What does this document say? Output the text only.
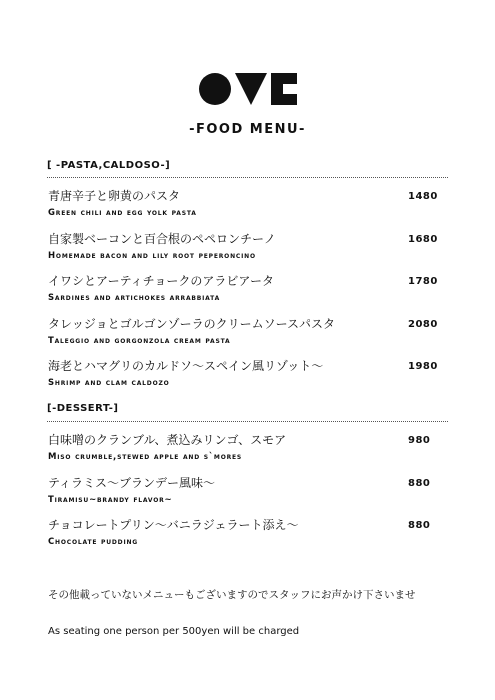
-FOOD MENU-
[ -PASTA,CALDOSO-]
青唐辛子と卵黄のパスタ	1480
Green chili and egg yolk pasta
自家製ベーコンと百合根のペペロンチーノ	1680
Homemade bacon and lily root peperoncino
イワシとアーティチョークのアラビアータ	1780
Sardines and artichokes arrabbiata
タレッジョとゴルゴンゾーラのクリームソースパスタ	2080
Taleggio and gorgonzola cream pasta
海老とハマグリのカルドソ〜スペイン風リゾット〜	1980
Shrimp and clam caldozo
[-DESSERT-]
白味噌のクランブル、煮込みリンゴ、スモア	980
Miso crumble,stewed apple and s`mores
ティラミス〜ブランデー風味〜	880
Tiramisu~brandy flavor~
チョコレートプリン〜バニラジェラート添え〜	880
Chocolate pudding
その他載っていないメニューもございますのでスタッフにお声かけ下さいませ
As seating one person per 500yen will be charged
